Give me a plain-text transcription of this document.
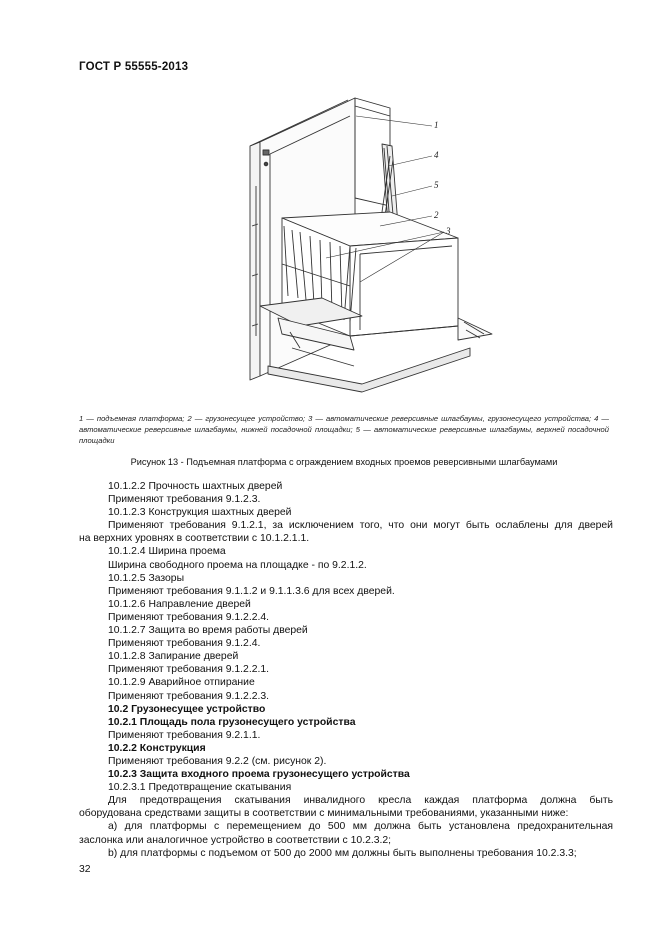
ГОСТ Р 55555-2013
1
4
5
2
3
1 — подъемная платформа; 2 — грузонесущее устройство; 3 — автоматические реверсивные шлагбаумы, грузонесущего устройства; 4 — автоматические реверсивные шлагбаумы, нижней посадочной площадки; 5 — автоматические реверсивные шлагбаумы, верхней посадочной площадки
Рисунок 13 - Подъемная платформа с ограждением входных проемов реверсивными шлагбаумами

10.1.2.2 Прочность шахтных дверей

Применяют требования 9.1.2.3.

10.1.2.3 Конструкция шахтных дверей

Применяют требования 9.1.2.1, за исключением того, что они могут быть ослаблены для дверей

на верхних уровнях в соответствии с 10.1.2.1.1.

10.1.2.4 Ширина проема

Ширина свободного проема на площадке - по 9.2.1.2.

10.1.2.5 Зазоры

Применяют требования 9.1.1.2 и 9.1.1.3.6 для всех дверей.

10.1.2.6 Направление дверей

Применяют требования 9.1.2.2.4.

10.1.2.7 Защита во время работы дверей

Применяют требования 9.1.2.4.

10.1.2.8 Запирание дверей

Применяют требования 9.1.2.2.1.

10.1.2.9 Аварийное отпирание

Применяют требования 9.1.2.2.3.

10.2 Грузонесущее устройство

10.2.1 Площадь пола грузонесущего устройства

Применяют требования 9.2.1.1.

10.2.2 Конструкция

Применяют требования 9.2.2 (см. рисунок 2).

10.2.3 Защита входного проема грузонесущего устройства

10.2.3.1 Предотвращение скатывания

Для предотвращения скатывания инвалидного кресла каждая платформа должна быть

оборудована средствами защиты в соответствии с минимальными требованиями, указанными ниже:

a) для платформы с перемещением до 500 мм должна быть установлена предохранительная

заслонка или аналогичное устройство в соответствии с 10.2.3.2;

b) для платформы с подъемом от 500 до 2000 мм должны быть выполнены требования 10.2.3.3;

32
